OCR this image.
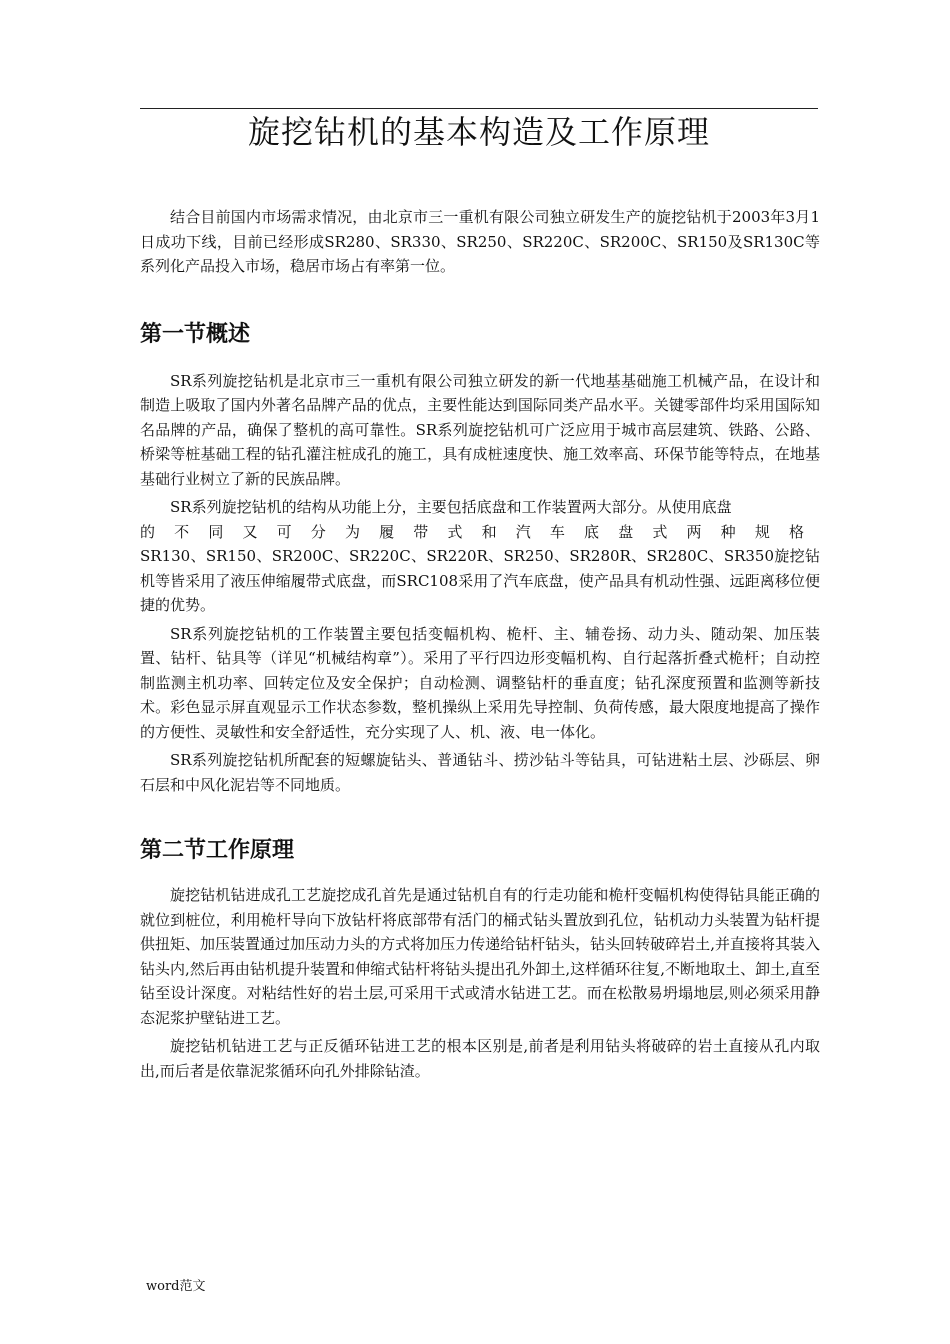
旋挖钻机的基本构造及工作原理

结合目前国内市场需求情况，由北京市三一重机有限公司独立研发生产的旋挖钻机于2003年3月1日成功下线，目前已经形成SR280、SR330、SR250、SR220C、SR200C、SR150及SR130C等系列化产品投入市场，稳居市场占有率第一位。

第一节概述

SR系列旋挖钻机是北京市三一重机有限公司独立研发的新一代地基基础施工机械产品，在设计和制造上吸取了国内外著名品牌产品的优点，主要性能达到国际同类产品水平。关键零部件均采用国际知名品牌的产品，确保了整机的高可靠性。SR系列旋挖钻机可广泛应用于城市高层建筑、铁路、公路、桥梁等桩基础工程的钻孔灌注桩成孔的施工，具有成桩速度快、施工效率高、环保节能等特点，在地基基础行业树立了新的民族品牌。

SR系列旋挖钻机的结构从功能上分，主要包括底盘和工作装置两大部分。从使用底盘

的不同又可分为履带式和汽车底盘式两种规格

SR130、SR150、SR200C、SR220C、SR220R、SR250、SR280R、SR280C、SR350旋挖钻机等皆采用了液压伸缩履带式底盘，而SRC108采用了汽车底盘，使产品具有机动性强、远距离移位便捷的优势。

SR系列旋挖钻机的工作装置主要包括变幅机构、桅杆、主、辅卷扬、动力头、随动架、加压装置、钻杆、钻具等（详见“机械结构章”）。采用了平行四边形变幅机构、自行起落折叠式桅杆；自动控制监测主机功率、回转定位及安全保护；自动检测、调整钻杆的垂直度；钻孔深度预置和监测等新技术。彩色显示屏直观显示工作状态参数，整机操纵上采用先导控制、负荷传感，最大限度地提高了操作的方便性、灵敏性和安全舒适性，充分实现了人、机、液、电一体化。

SR系列旋挖钻机所配套的短螺旋钻头、普通钻斗、捞沙钻斗等钻具，可钻进粘土层、沙砾层、卵石层和中风化泥岩等不同地质。

第二节工作原理

旋挖钻机钻进成孔工艺旋挖成孔首先是通过钻机自有的行走功能和桅杆变幅机构使得钻具能正确的就位到桩位，利用桅杆导向下放钻杆将底部带有活门的桶式钻头置放到孔位，钻机动力头装置为钻杆提供扭矩、加压装置通过加压动力头的方式将加压力传递给钻杆钻头，钻头回转破碎岩土,并直接将其装入钻头内,然后再由钻机提升装置和伸缩式钻杆将钻头提出孔外卸土,这样循环往复,不断地取土、卸土,直至钻至设计深度。对粘结性好的岩土层,可采用干式或清水钻进工艺。而在松散易坍塌地层,则必须采用静态泥浆护壁钻进工艺。

旋挖钻机钻进工艺与正反循环钻进工艺的根本区别是,前者是利用钻头将破碎的岩土直接从孔内取出,而后者是依靠泥浆循环向孔外排除钻渣。

word范文
